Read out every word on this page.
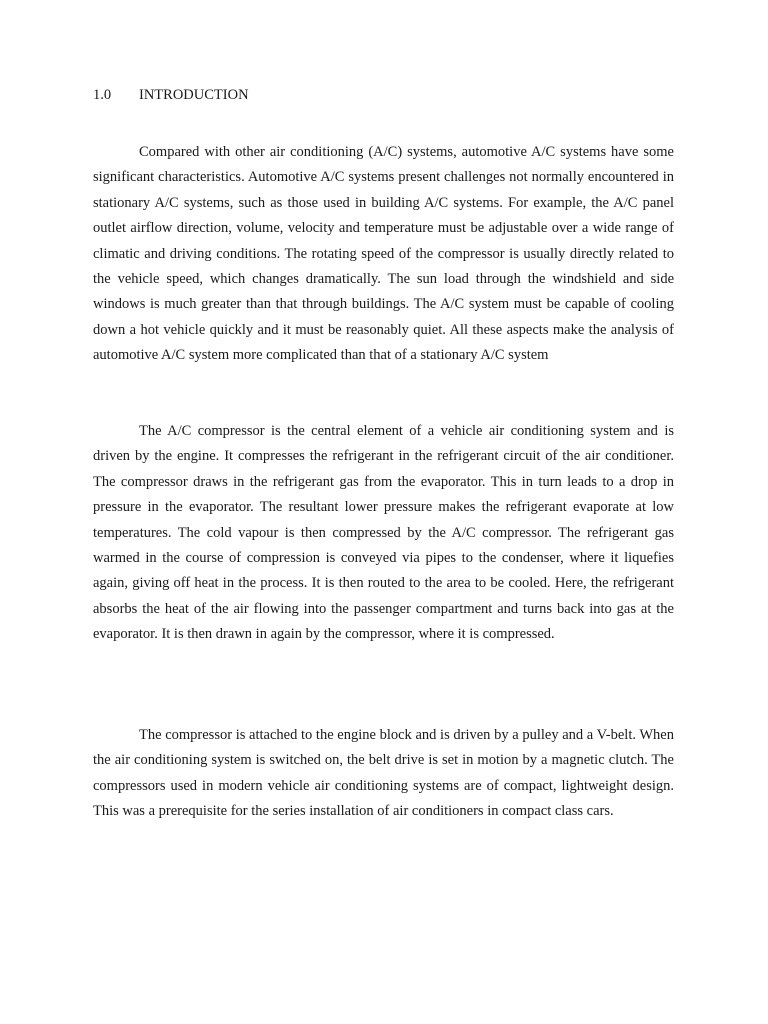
1.0 INTRODUCTION

Compared with other air conditioning (A/C) systems, automotive A/C systems have some significant characteristics. Automotive A/C systems present challenges not normally encountered in stationary A/C systems, such as those used in building A/C systems. For example, the A/C panel outlet airflow direction, volume, velocity and temperature must be adjustable over a wide range of climatic and driving conditions. The rotating speed of the compressor is usually directly related to the vehicle speed, which changes dramatically. The sun load through the windshield and side windows is much greater than that through buildings. The A/C system must be capable of cooling down a hot vehicle quickly and it must be reasonably quiet. All these aspects make the analysis of automotive A/C system more complicated than that of a stationary A/C system

The A/C compressor is the central element of a vehicle air conditioning system and is driven by the engine. It compresses the refrigerant in the refrigerant circuit of the air conditioner. The compressor draws in the refrigerant gas from the evaporator. This in turn leads to a drop in pressure in the evaporator. The resultant lower pressure makes the refrigerant evaporate at low temperatures. The cold vapour is then compressed by the A/C compressor. The refrigerant gas warmed in the course of compression is conveyed via pipes to the condenser, where it liquefies again, giving off heat in the process. It is then routed to the area to be cooled. Here, the refrigerant absorbs the heat of the air flowing into the passenger compartment and turns back into gas at the evaporator. It is then drawn in again by the compressor, where it is compressed.

The compressor is attached to the engine block and is driven by a pulley and a V-belt. When the air conditioning system is switched on, the belt drive is set in motion by a magnetic clutch. The compressors used in modern vehicle air conditioning systems are of compact, lightweight design. This was a prerequisite for the series installation of air conditioners in compact class cars.
